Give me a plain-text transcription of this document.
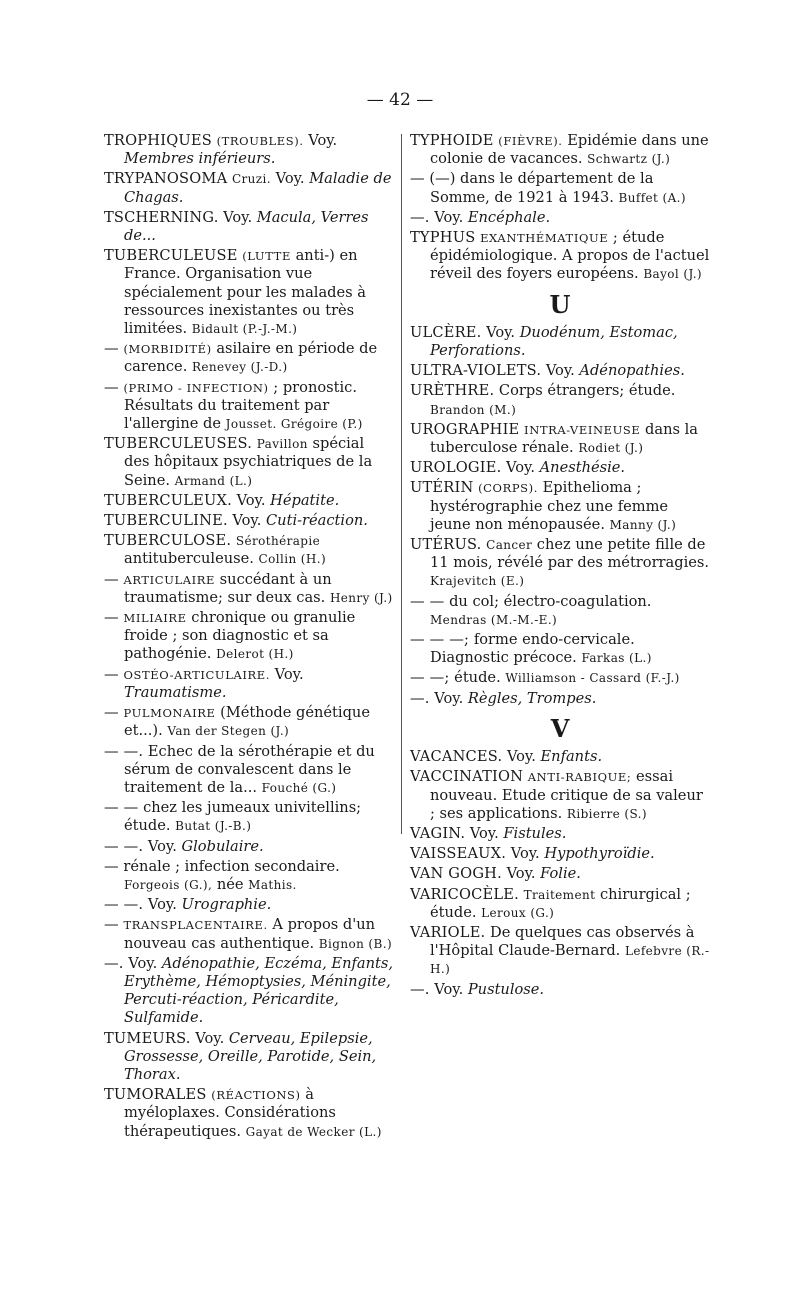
— 42 —
TROPHIQUES (TROUBLES). Voy. Membres inférieurs.
TRYPANOSOMA Cruzi. Voy. Maladie de Chagas.
TSCHERNING. Voy. Macula, Verres de...
TUBERCULEUSE (LUTTE anti-) en France. Organisation vue spécialement pour les malades à ressources inexistantes ou très limitées. Bidault (P.-J.-M.)
— (MORBIDITÉ) asilaire en période de carence. Renevey (J.-D.)
— (PRIMO - INFECTION) ; pronostic. Résultats du traitement par l'allergine de Jousset. Grégoire (P.)
TUBERCULEUSES. Pavillon spécial des hôpitaux psychiatriques de la Seine. Armand (L.)
TUBERCULEUX. Voy. Hépatite.
TUBERCULINE. Voy. Cuti-réaction.
TUBERCULOSE. Sérothérapie antituberculeuse. Collin (H.)
— ARTICULAIRE succédant à un traumatisme; sur deux cas. Henry (J.)
— MILIAIRE chronique ou granulie froide ; son diagnostic et sa pathogénie. Delerot (H.)
— OSTÉO-ARTICULAIRE. Voy. Traumatisme.
— PULMONAIRE (Méthode génétique et...). Van der Stegen (J.)
— —. Echec de la sérothérapie et du sérum de convalescent dans le traitement de la... Fouché (G.)
— — chez les jumeaux univitellins; étude. Butat (J.-B.)
— —. Voy. Globulaire.
— rénale ; infection secondaire. Forgeois (G.), née Mathis.
— —. Voy. Urographie.
— TRANSPLACENTAIRE. A propos d'un nouveau cas authentique. Bignon (B.)
—. Voy. Adénopathie, Eczéma, Enfants, Erythème, Hémoptysies, Méningite, Percuti-réaction, Péricardite, Sulfamide.
TUMEURS. Voy. Cerveau, Epilepsie, Grossesse, Oreille, Parotide, Sein, Thorax.
TUMORALES (RÉACTIONS) à myéloplaxes. Considérations thérapeutiques. Gayat de Wecker (L.)
TYPHOIDE (FIÈVRE). Epidémie dans une colonie de vacances. Schwartz (J.)
— (—) dans le département de la Somme, de 1921 à 1943. Buffet (A.)
—. Voy. Encéphale.
TYPHUS EXANTHÉMATIQUE ; étude épidémiologique. A propos de l'actuel réveil des foyers européens. Bayol (J.)
U
ULCÈRE. Voy. Duodénum, Estomac, Perforations.
ULTRA-VIOLETS. Voy. Adénopathies.
URÈTHRE. Corps étrangers; étude. Brandon (M.)
UROGRAPHIE INTRA-VEINEUSE dans la tuberculose rénale. Rodiet (J.)
UROLOGIE. Voy. Anesthésie.
UTÉRIN (CORPS). Epithelioma ; hystérographie chez une femme jeune non ménopausée. Manny (J.)
UTÉRUS. Cancer chez une petite fille de 11 mois, révélé par des métrorragies. Krajevitch (E.)
— — du col; électro-coagulation. Mendras (M.-M.-E.)
— — —; forme endo-cervicale. Diagnostic précoce. Farkas (L.)
— —; étude. Williamson - Cassard (F.-J.)
—. Voy. Règles, Trompes.
V
VACANCES. Voy. Enfants.
VACCINATION ANTI-RABIQUE; essai nouveau. Etude critique de sa valeur ; ses applications. Ribierre (S.)
VAGIN. Voy. Fistules.
VAISSEAUX. Voy. Hypothyroïdie.
VAN GOGH. Voy. Folie.
VARICOCÈLE. Traitement chirurgical ; étude. Leroux (G.)
VARIOLE. De quelques cas observés à l'Hôpital Claude-Bernard. Lefebvre (R.-H.)
—. Voy. Pustulose.
